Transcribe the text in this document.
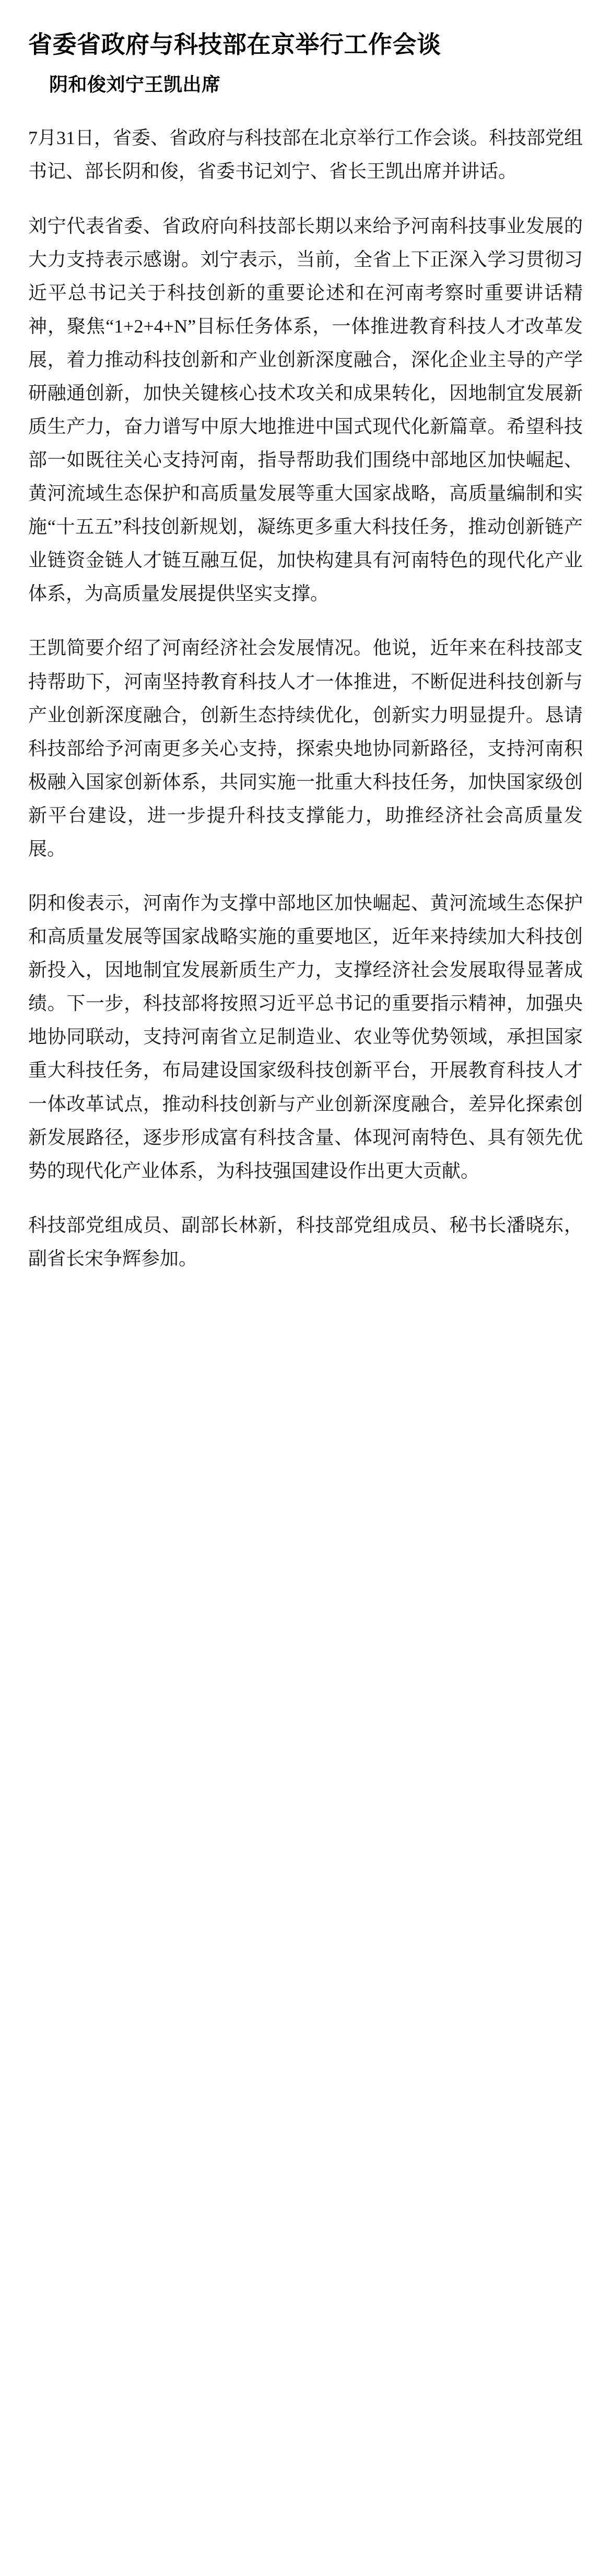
省委省政府与科技部在京举行工作会谈
阴和俊刘宁王凯出席

7月31日，省委、省政府与科技部在北京举行工作会谈。科技部党组书记、部长阴和俊，省委书记刘宁、省长王凯出席并讲话。

刘宁代表省委、省政府向科技部长期以来给予河南科技事业发展的大力支持表示感谢。刘宁表示，当前，全省上下正深入学习贯彻习近平总书记关于科技创新的重要论述和在河南考察时重要讲话精神，聚焦“1+2+4+N”目标任务体系，一体推进教育科技人才改革发展，着力推动科技创新和产业创新深度融合，深化企业主导的产学研融通创新，加快关键核心技术攻关和成果转化，因地制宜发展新质生产力，奋力谱写中原大地推进中国式现代化新篇章。希望科技部一如既往关心支持河南，指导帮助我们围绕中部地区加快崛起、黄河流域生态保护和高质量发展等重大国家战略，高质量编制和实施“十五五”科技创新规划，凝练更多重大科技任务，推动创新链产业链资金链人才链互融互促，加快构建具有河南特色的现代化产业体系，为高质量发展提供坚实支撑。

王凯简要介绍了河南经济社会发展情况。他说，近年来在科技部支持帮助下，河南坚持教育科技人才一体推进，不断促进科技创新与产业创新深度融合，创新生态持续优化，创新实力明显提升。恳请科技部给予河南更多关心支持，探索央地协同新路径，支持河南积极融入国家创新体系，共同实施一批重大科技任务，加快国家级创新平台建设，进一步提升科技支撑能力，助推经济社会高质量发展。

阴和俊表示，河南作为支撑中部地区加快崛起、黄河流域生态保护和高质量发展等国家战略实施的重要地区，近年来持续加大科技创新投入，因地制宜发展新质生产力，支撑经济社会发展取得显著成绩。下一步，科技部将按照习近平总书记的重要指示精神，加强央地协同联动，支持河南省立足制造业、农业等优势领域，承担国家重大科技任务，布局建设国家级科技创新平台，开展教育科技人才一体改革试点，推动科技创新与产业创新深度融合，差异化探索创新发展路径，逐步形成富有科技含量、体现河南特色、具有领先优势的现代化产业体系，为科技强国建设作出更大贡献。

科技部党组成员、副部长林新，科技部党组成员、秘书长潘晓东，副省长宋争辉参加。
